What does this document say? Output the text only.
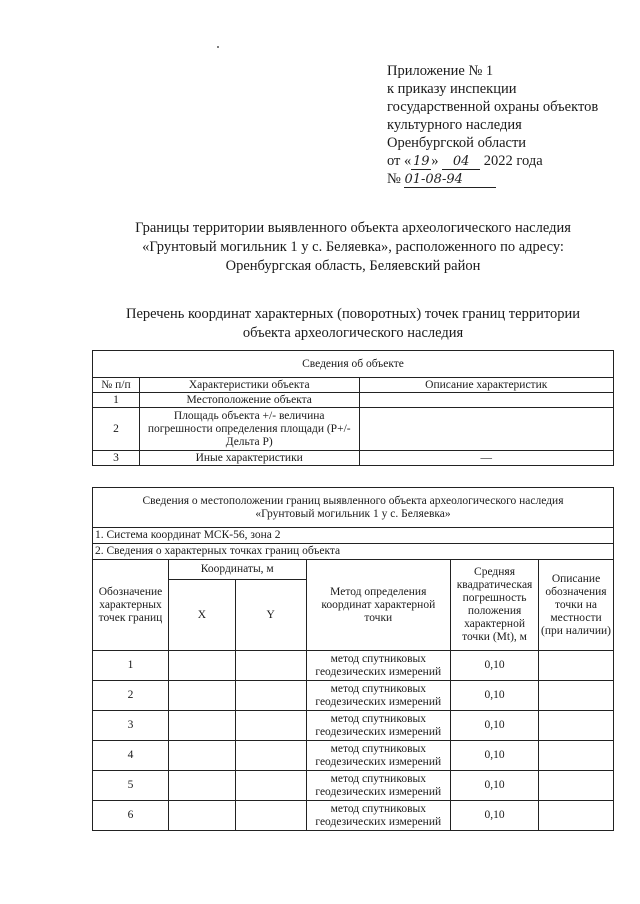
Приложение № 1
к приказу инспекции
государственной охраны объектов
культурного наследия
Оренбургской области
от « 19 » 04 2022 года
№ 01-08-94
Границы территории выявленного объекта археологического наследия
«Грунтовый могильник 1 у с. Беляевка», расположенного по адресу:
Оренбургская область, Беляевский район
Перечень координат характерных (поворотных) точек границ территории
объекта археологического наследия
Сведения об объекте		
№ п/п	Характеристики объекта	Описание характеристик
1	Местоположение объекта	
2	Площадь объекта +/- величина погрешности определения площади (P+/- Дельта P)	
3	Иные характеристики	—
Сведения о местоположении границ выявленного объекта археологического наследия «Грунтовый могильник 1 у с. Беляевка»					
1. Система координат МСК-56, зона 2					
2. Сведения о характерных точках границ объекта					
Обозначение характерных точек границ	Координаты, м		Метод определения координат характерной точки	Средняя квадратическая погрешность положения характерной точки (Mt), м	Описание обозначения точки на местности (при наличии)
	X	Y			
1			метод спутниковых геодезических измерений	0,10	
2			метод спутниковых геодезических измерений	0,10	
3			метод спутниковых геодезических измерений	0,10	
4			метод спутниковых геодезических измерений	0,10	
5			метод спутниковых геодезических измерений	0,10	
6			метод спутниковых геодезических измерений	0,10	
